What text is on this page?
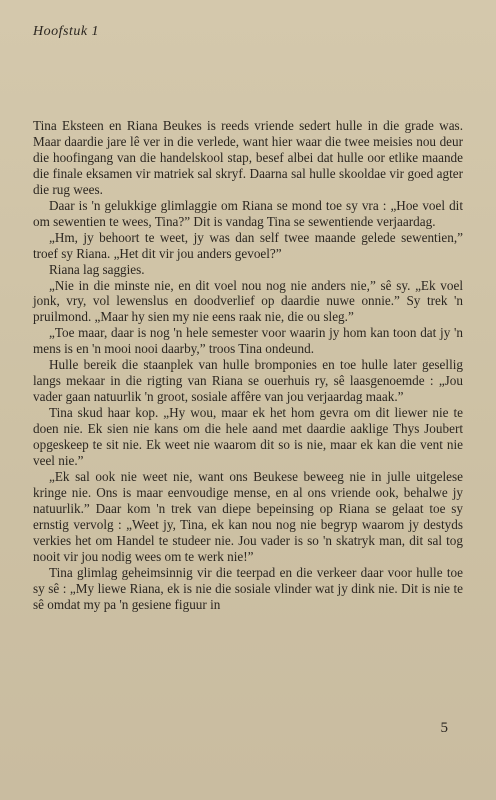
Hoofstuk 1

Tina Eksteen en Riana Beukes is reeds vriende sedert hulle in die grade was. Maar daardie jare lê ver in die verlede, want hier waar die twee meisies nou deur die hoofingang van die handelskool stap, besef albei dat hulle oor etlike maande die finale eksamen vir matriek sal skryf. Daarna sal hulle skooldae vir goed agter die rug wees.

Daar is 'n gelukkige glimlaggie om Riana se mond toe sy vra : „Hoe voel dit om sewentien te wees, Tina?” Dit is vandag Tina se sewentiende verjaardag.

„Hm, jy behoort te weet, jy was dan self twee maande gelede sewentien,” troef sy Riana. „Het dit vir jou anders gevoel?”

Riana lag saggies.

„Nie in die minste nie, en dit voel nou nog nie anders nie,” sê sy. „Ek voel jonk, vry, vol lewenslus en doodverlief op daardie nuwe onnie.” Sy trek 'n pruilmond. „Maar hy sien my nie eens raak nie, die ou sleg.”

„Toe maar, daar is nog 'n hele semester voor waarin jy hom kan toon dat jy 'n mens is en 'n mooi nooi daarby,” troos Tina ondeund.

Hulle bereik die staanplek van hulle bromponies en toe hulle later gesellig langs mekaar in die rigting van Riana se ouerhuis ry, sê laasgenoemde : „Jou vader gaan natuurlik 'n groot, sosiale affêre van jou verjaardag maak.”

Tina skud haar kop. „Hy wou, maar ek het hom gevra om dit liewer nie te doen nie. Ek sien nie kans om die hele aand met daardie aaklige Thys Joubert opgeskeep te sit nie. Ek weet nie waarom dit so is nie, maar ek kan die vent nie veel nie.”

„Ek sal ook nie weet nie, want ons Beukese beweeg nie in julle uitgelese kringe nie. Ons is maar eenvoudige mense, en al ons vriende ook, behalwe jy natuurlik.” Daar kom 'n trek van diepe bepeinsing op Riana se gelaat toe sy ernstig vervolg : „Weet jy, Tina, ek kan nou nog nie begryp waarom jy destyds verkies het om Handel te studeer nie. Jou vader is so 'n skatryk man, dit sal tog nooit vir jou nodig wees om te werk nie!”

Tina glimlag geheimsinnig vir die teerpad en die verkeer daar voor hulle toe sy sê : „My liewe Riana, ek is nie die sosiale vlinder wat jy dink nie. Dit is nie te sê omdat my pa 'n gesiene figuur in

5
